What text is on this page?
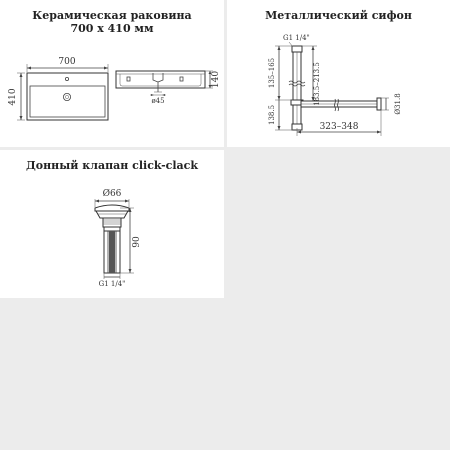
Керамическая раковина
700 х 410 мм
700
410	ø45
140
Металлический сифон
G1 1/4"
135–165
138.5
183.5–213.5
323–348
Ø31.8
Донный клапан click-clack
Ø66
90
G1 1/4"
